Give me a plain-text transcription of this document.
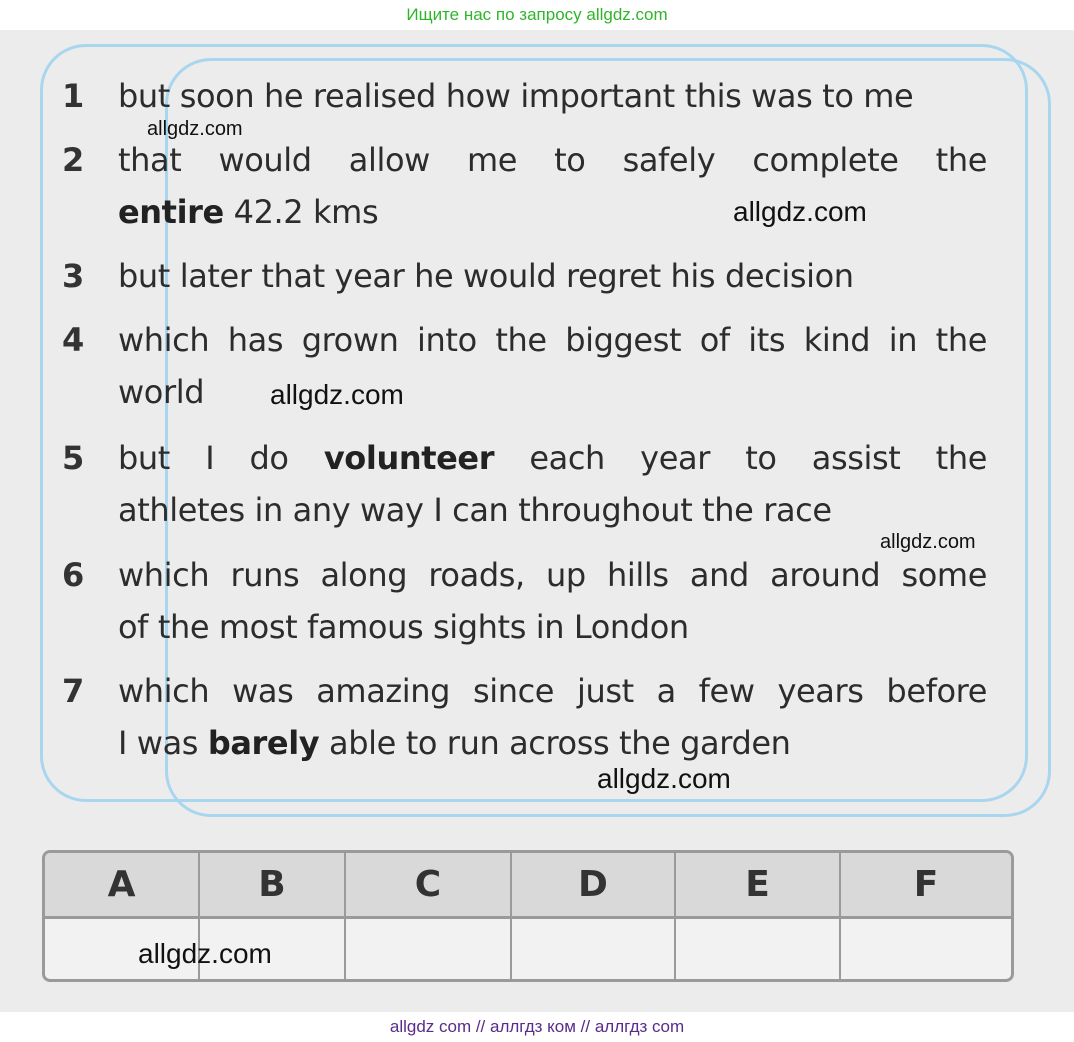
Ищите нас по запросу allgdz.com
1	but soon he realised how important this was to me
2	that would allow me to safely complete the
entire 42.2 kms
3	but later that year he would regret his decision
4	which has grown into the biggest of its kind in the
world
5	but I do volunteer each year to assist the
athletes in any way I can throughout the race
6	which runs along roads, up hills and around some
of the most famous sights in London
7	which was amazing since just a few years before
I was barely able to run across the garden
allgdz.com
allgdz.com
allgdz.com
allgdz.com
allgdz.com
A	B	C	D	E	F
allgdz.com
allgdz com // аллгдз ком // аллгдз com
